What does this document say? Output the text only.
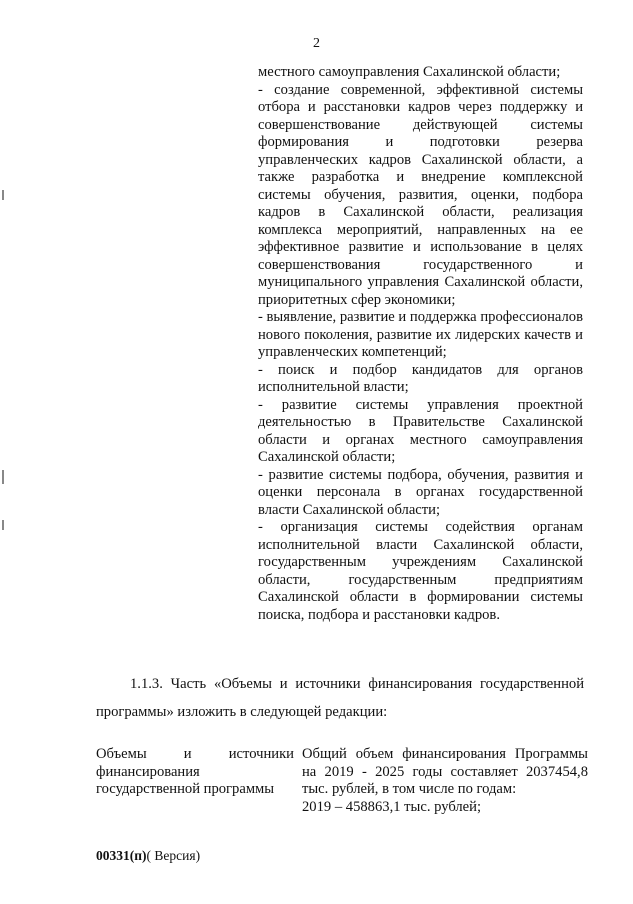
2

местного самоуправления Сахалинской области;

- создание современной, эффективной системы отбора и расстановки кадров через поддержку и совершенствование действующей системы формирования и подготовки резерва управленческих кадров Сахалинской области, а также разработка и внедрение комплексной системы обучения, развития, оценки, подбора кадров в Сахалинской области, реализация комплекса мероприятий, направленных на ее эффективное развитие и использование в целях совершенствования государственного и муниципального управления Сахалинской области, приоритетных сфер экономики;

- выявление, развитие и поддержка профессионалов нового поколения, развитие их лидерских качеств и управленческих компетенций;

- поиск и подбор кандидатов для органов исполнительной власти;

- развитие системы управления проектной деятельностью в Правительстве Сахалинской области и органах местного самоуправления Сахалинской области;

- развитие системы подбора, обучения, развития и оценки персонала в органах государственной власти Сахалинской области;

- организация системы содействия органам исполнительной власти Сахалинской области, государственным учреждениям Сахалинской области, государственным предприятиям Сахалинской области в формировании системы поиска, подбора и расстановки кадров.

1.1.3. Часть «Объемы и источники финансирования государственной программы» изложить в следующей редакции:

Объемы	и	источники
финансирования
государственной программы
Общий объем финансирования Программы на 2019 - 2025 годы составляет 2037454,8 тыс. рублей, в том числе по годам:
2019 – 458863,1 тыс. рублей;
00331(п)( Версия)
